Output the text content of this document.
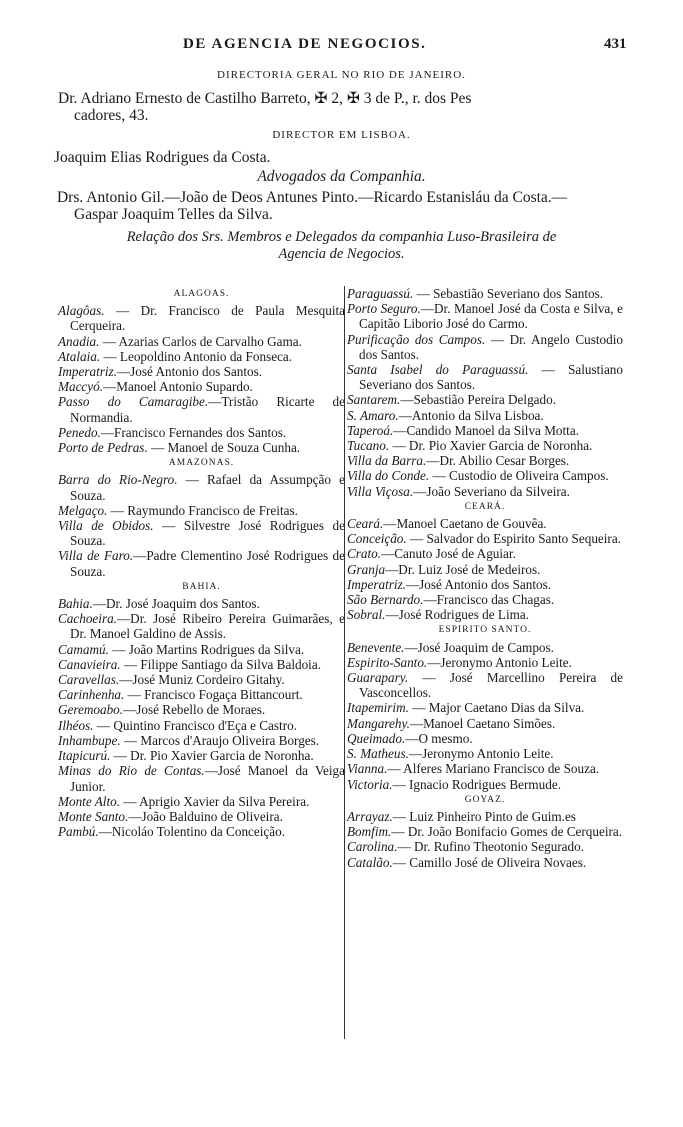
DE AGENCIA DE NEGOCIOS.	431
DIRECTORIA GERAL NO RIO DE JANEIRO.
Dr. Adriano Ernesto de Castilho Barreto, ✠ 2, ✠ 3 de P., r. dos Pes
cadores, 43.
DIRECTOR EM LISBOA.
Joaquim Elias Rodrigues da Costa.
Advogados da Companhia.
Drs. Antonio Gil.—João de Deos Antunes Pinto.—Ricardo Estanisláu da Costa.—
Gaspar Joaquim Telles da Silva.
Relação dos Srs. Membros e Delegados da companhia Luso-Brasileira de
Agencia de Negocios.
ALAGOAS.
Alagôas. — Dr. Francisco de Paula Mesquita Cerqueira.
Anadia. — Azarias Carlos de Carvalho Gama.
Atalaia. — Leopoldino Antonio da Fonseca.
Imperatriz.—José Antonio dos Santos.
Maccyó.—Manoel Antonio Supardo.
Passo do Camaragibe.—Tristão Ricarte de Normandia.
Penedo.—Francisco Fernandes dos Santos.
Porto de Pedras. — Manoel de Souza Cunha.
AMAZONAS.
Barra do Rio-Negro. — Rafael da Assumpção e Souza.
Melgaço. — Raymundo Francisco de Freitas.
Villa de Obidos. — Silvestre José Rodrigues de Souza.
Villa de Faro.—Padre Clementino José Rodrigues de Souza.
BAHIA.
Bahia.—Dr. José Joaquim dos Santos.
Cachoeira.—Dr. José Ribeiro Pereira Guimarães, e Dr. Manoel Galdino de Assis.
Camamú. — João Martins Rodrigues da Silva.
Canavieira. — Filippe Santiago da Silva Baldoia.
Caravellas.—José Muniz Cordeiro Gitahy.
Carinhenha. — Francisco Fogaça Bittancourt.
Geremoabo.—José Rebello de Moraes.
Ilhéos. — Quintino Francisco d'Eça e Castro.
Inhambupe. — Marcos d'Araujo Oliveira Borges.
Itapicurú. — Dr. Pio Xavier Garcia de Noronha.
Minas do Rio de Contas.—José Manoel da Veiga Junior.
Monte Alto. — Aprigio Xavier da Silva Pereira.
Monte Santo.—João Balduino de Oliveira.
Pambú.—Nicoláo Tolentino da Conceição.
Paraguassú. — Sebastião Severiano dos Santos.
Porto Seguro.—Dr. Manoel José da Costa e Silva, e Capitão Liborio José do Carmo.
Purificação dos Campos. — Dr. Angelo Custodio dos Santos.
Santa Isabel do Paraguassú. — Salustiano Severiano dos Santos.
Santarem.—Sebastião Pereira Delgado.
S. Amaro.—Antonio da Silva Lisboa.
Taperoá.—Candido Manoel da Silva Motta.
Tucano. — Dr. Pio Xavier Garcia de Noronha.
Villa da Barra.—Dr. Abilio Cesar Borges.
Villa do Conde. — Custodio de Oliveira Campos.
Villa Viçosa.—João Severiano da Silveira.
CEARÁ.
Ceará.—Manoel Caetano de Gouvêa.
Conceição. — Salvador do Espirito Santo Sequeira.
Crato.—Canuto José de Aguiar.
Granja—Dr. Luiz José de Medeiros.
Imperatriz.—José Antonio dos Santos.
São Bernardo.—Francisco das Chagas.
Sobral.—José Rodrigues de Lima.
ESPIRITO SANTO.
Benevente.—José Joaquim de Campos.
Espirito-Santo.—Jeronymo Antonio Leite.
Guarapary. — José Marcellino Pereira de Vasconcellos.
Itapemirim. — Major Caetano Dias da Silva.
Mangarehy.—Manoel Caetano Simões.
Queimado.—O mesmo.
S. Matheus.—Jeronymo Antonio Leite.
Vianna.— Alferes Mariano Francisco de Souza.
Victoria.— Ignacio Rodrigues Bermude.
GOYAZ.
Arrayaz.— Luiz Pinheiro Pinto de Guim.es
Bomfim.— Dr. João Bonifacio Gomes de Cerqueira.
Carolina.— Dr. Rufino Theotonio Segurado.
Catalão.— Camillo José de Oliveira Novaes.
